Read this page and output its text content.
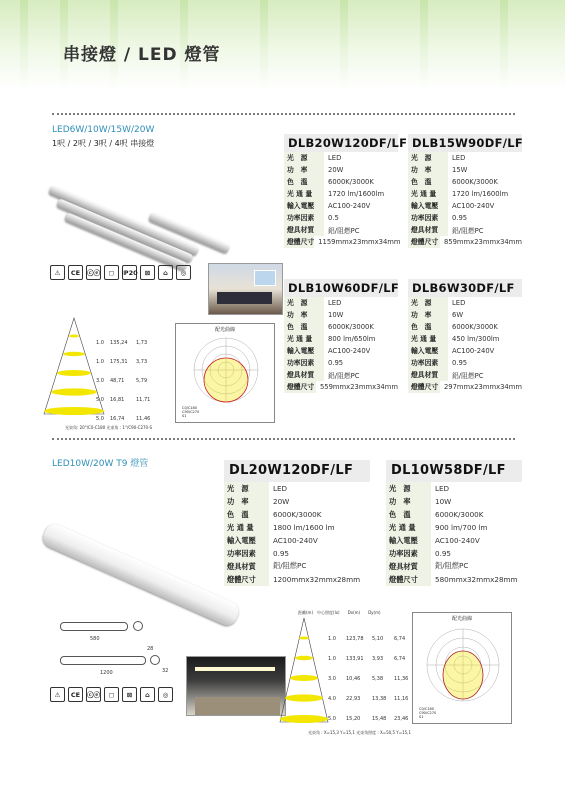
串接燈 / LED 燈管
LED6W/10W/15W/20W
1呎 / 2呎 / 3呎 / 4呎 串接燈
⚠	CE	ⓒⓔ	◻	IP20	⊠	⌂	◎
1.0 135,24 1,73
1.0 175,31 3,73
3.0 48,71 5,79
5.0 16,81 11,71
5.0 16,74 11,46
光束角: 20°/C0-C180 光束角 : 1°/C90-C270-S
配光曲線
C0/C180
C90/C270
S1
DLB20W120DF/LF
光　源	LED
功　率	20W
色　溫	6000K/3000K
光 通 量	1720 lm/1600lm
輸入電壓	AC100-240V
功率因素	0.5
燈具材質	鋁/阻燃PC
燈體尺寸 1159mmx23mmx34mm
DLB15W90DF/LF
光　源	LED
功　率	15W
色　溫	6000K/3000K
光 通 量	1720 lm/1600lm
輸入電壓	AC100-240V
功率因素	0.95
燈具材質	鋁/阻燃PC
燈體尺寸 859mmx23mmx34mm
DLB10W60DF/LF
光　源	LED
功　率	10W
色　溫	6000K/3000K
光 通 量	800 lm/650lm
輸入電壓	AC100-240V
功率因素	0.95
燈具材質	鋁/阻燃PC
燈體尺寸 559mmx23mmx34mm
DLB6W30DF/LF
光　源	LED
功　率	6W
色　溫	6000K/3000K
光 通 量	450 lm/300lm
輸入電壓	AC100-240V
功率因素	0.95
燈具材質	鋁/阻燃PC
燈體尺寸 297mmx23mmx34mm
LED10W/20W T9 燈管
580
1200
28
32
⚠	CE	ⓒⓔ	◻	⊠	⌂	◎
距離(m)　中心照度(lx)　　Dx(m)　　Dy(m)
1.0 123,78 5,10 6,74
1.0 133,91 3,93 6,74
3.0 10,46 5,38 11,36
4.0 22,93 13,38 11,16
5.0 15,20 15,48 23,46
光束角 : X=15,3 Y=15,1 光束角照度 : X=50,5 Y=15,1
配光曲線
C0/C180
C90/C270
S1
DL20W120DF/LF
光　源	LED
功　率	20W
色　溫	6000K/3000K
光 通 量	1800 lm/1600 lm
輸入電壓	AC100-240V
功率因素	0.95
燈具材質	鋁/阻燃PC
燈體尺寸	1200mmx32mmx28mm
DL10W58DF/LF
光　源	LED
功　率	10W
色　溫	6000K/3000K
光 通 量	900 lm/700 lm
輸入電壓	AC100-240V
功率因素	0.95
燈具材質	鋁/阻燃PC
燈體尺寸	580mmx32mmx28mm
